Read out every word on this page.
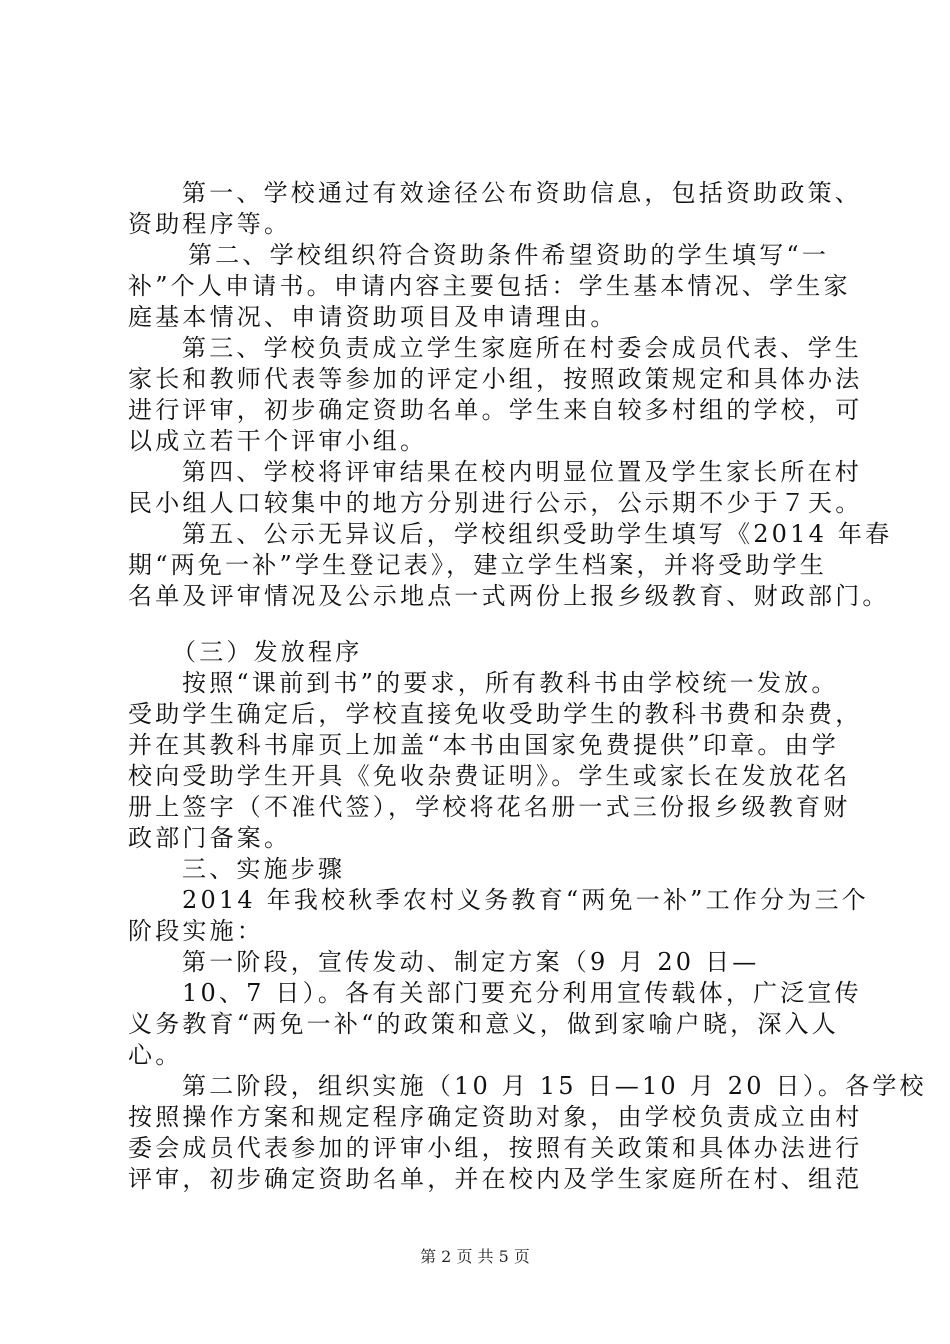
第一、学校通过有效途径公布资助信息，包括资助政策、
资助程序等。
第二、学校组织符合资助条件希望资助的学生填写“一
补”个人申请书。申请内容主要包括：学生基本情况、学生家
庭基本情况、申请资助项目及申请理由。
第三、学校负责成立学生家庭所在村委会成员代表、学生
家长和教师代表等参加的评定小组，按照政策规定和具体办法
进行评审，初步确定资助名单。学生来自较多村组的学校，可
以成立若干个评审小组。
第四、学校将评审结果在校内明显位置及学生家长所在村
民小组人口较集中的地方分别进行公示，公示期不少于７天。
第五、公示无异议后，学校组织受助学生填写《2014 年春
期“两免一补”学生登记表》，建立学生档案，并将受助学生
名单及评审情况及公示地点一式两份上报乡级教育、财政部门。
（三）发放程序
按照“课前到书”的要求，所有教科书由学校统一发放。
受助学生确定后，学校直接免收受助学生的教科书费和杂费，
并在其教科书扉页上加盖“本书由国家免费提供”印章。由学
校向受助学生开具《免收杂费证明》。学生或家长在发放花名
册上签字（不准代签），学校将花名册一式三份报乡级教育财
政部门备案。
三、实施步骤
2014 年我校秋季农村义务教育“两免一补”工作分为三个
阶段实施：
第一阶段，宣传发动、制定方案（9 月 20 日—
10、7 日）。各有关部门要充分利用宣传载体，广泛宣传
义务教育“两免一补“的政策和意义，做到家喻户晓，深入人
心。
第二阶段，组织实施（10 月 15 日—10 月 20 日）。各学校
按照操作方案和规定程序确定资助对象，由学校负责成立由村
委会成员代表参加的评审小组，按照有关政策和具体办法进行
评审，初步确定资助名单，并在校内及学生家庭所在村、组范
第 2 页 共 5 页
